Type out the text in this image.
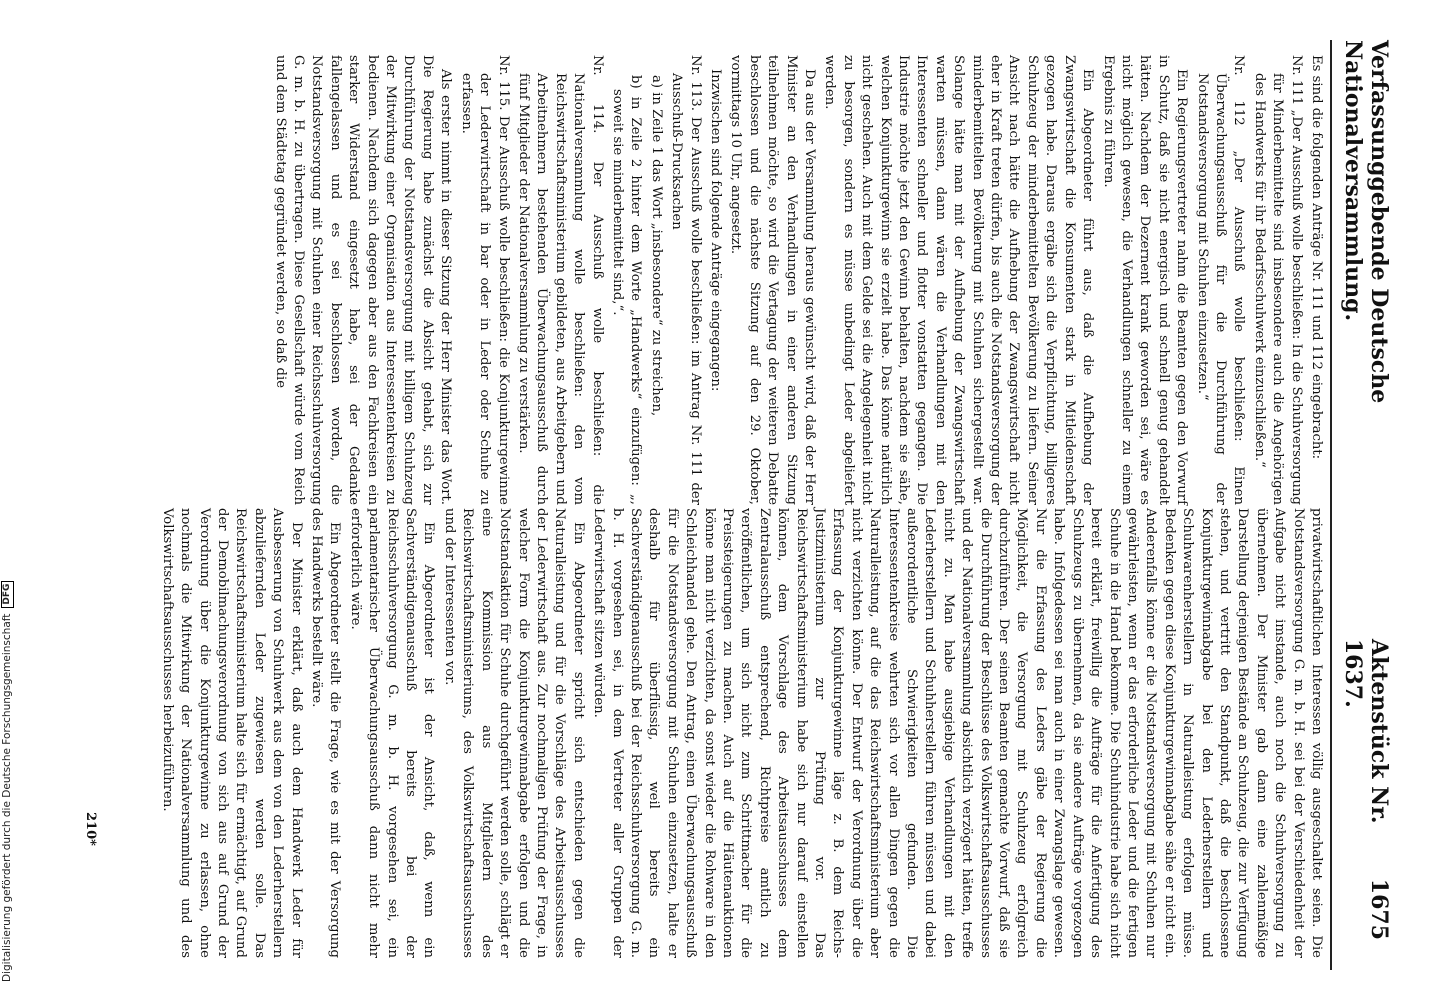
Verfassunggebende Deutsche Nationalversammlung.
Aktenstück Nr. 1637.
1675

Es sind die folgenden Anträge Nr. 111 und 112 eingebracht:

Nr. 111 „Der Ausschuß wolle beschließen: In die Schuhversorgung für Minderbemittelte sind insbesondere auch die Angehörigen des Handwerks für ihr Bedarfsschuhwerk einzuschließen.“

Nr. 112 „Der Ausschuß wolle beschließen: Einen Überwachungsausschuß für die Durchführung der Notstandsversorgung mit Schuhen einzusetzen.“

Ein Regierungsvertreter nahm die Beamten gegen den Vorwurf in Schutz, daß sie nicht energisch und schnell genug gehandelt hätten. Nachdem der Dezernent krank geworden sei, wäre es nicht möglich gewesen, die Verhandlungen schneller zu einem Ergebnis zu führen.

Ein Abgeordneter führt aus, daß die Aufhebung der Zwangswirtschaft die Konsumenten stark in Mitleidenschaft gezogen habe. Daraus ergäbe sich die Verpflichtung, billigeres Schuhzeug der minderbemittelten Bevölkerung zu liefern. Seiner Ansicht nach hätte die Aufhebung der Zwangswirtschaft nicht eher in Kraft treten dürfen, bis auch die Notstandsversorgung der minderbemittelten Bevölkerung mit Schuhen sichergestellt war. Solange hätte man mit der Aufhebung der Zwangswirtschaft warten müssen, dann wären die Verhandlungen mit den Interessenten schneller und flotter vonstatten gegangen. Die Industrie möchte jetzt den Gewinn behalten, nachdem sie sähe, welchen Konjunkturgewinn sie erzielt habe. Das könne natürlich nicht geschehen. Auch mit dem Gelde sei die Angelegenheit nicht zu besorgen, sondern es müsse unbedingt Leder abgeliefert werden.

Da aus der Versammlung heraus gewünscht wird, daß der Herr Minister an den Verhandlungen in einer anderen Sitzung teilnehmen möchte, so wird die Vertagung der weiteren Debatte beschlossen und die nächste Sitzung auf den 29. Oktober, vormittags 10 Uhr, angesetzt.

Inzwischen sind folgende Anträge eingegangen:

Nr. 113. Der Ausschuß wolle beschließen: im Antrag Nr. 111 der Ausschuß-Drucksachen

a) in Zeile 1 das Wort „insbesondere“ zu streichen,

b) in Zeile 2 hinter dem Worte „Handwerks“ einzufügen: „, soweit sie minderbemittelt sind,“.

Nr. 114. Der Ausschuß wolle beschließen: die Nationalversammlung wolle beschließen: den vom Reichswirtschaftsministerium gebildeten, aus Arbeitgebern und Arbeitnehmern bestehenden Überwachungsausschuß durch fünf Mitglieder der Nationalversammlung zu verstärken.

Nr. 115. Der Ausschuß wolle beschließen: die Konjunkturgewinne der Lederwirtschaft in bar oder in Leder oder Schuhe zu erfassen.

Als erster nimmt in dieser Sitzung der Herr Minister das Wort. Die Regierung habe zunächst die Absicht gehabt, sich zur Durchführung der Notstandsversorgung mit billigem Schuhzeug der Mitwirkung einer Organisation aus Interessentenkreisen zu bedienen. Nachdem sich dagegen aber aus den Fachkreisen ein starker Widerstand eingesetzt habe, sei der Gedanke fallengelassen und es sei beschlossen worden, die Notstandsversorgung mit Schuhen einer Reichsschuhversorgung G. m. b. H. zu übertragen. Diese Gesellschaft würde vom Reich und dem Städtetag gegründet werden, so daß die

privatwirtschaftlichen Interessen völlig ausgeschaltet seien. Die Notstandsversorgung G. m. b. H. sei bei der Verschiedenheit der Aufgabe nicht imstande, auch noch die Schuhversorgung zu übernehmen. Der Minister gab dann eine zahlenmäßige Darstellung derjenigen Bestände an Schuhzeug, die zur Verfügung stehen, und vertritt den Standpunkt, daß die beschlossene Konjunkturgewinnabgabe bei den Lederherstellern und Schuhwarenherstellern in Naturalleistung erfolgen müsse. Bedenken gegen diese Konjunkturgewinnabgabe sähe er nicht ein. Anderenfalls könne er die Notstandsversorgung mit Schuhen nur gewährleisten, wenn er das erforderliche Leder und die fertigen Schuhe in die Hand bekomme. Die Schuhindustrie habe sich nicht bereit erklärt, freiwillig die Aufträge für die Anfertigung des Schuhzeugs zu übernehmen, da sie andere Aufträge vorgezogen habe. Infolgedessen sei man auch in einer Zwangslage gewesen. Nur die Erfassung des Leders gäbe der Regierung die Möglichkeit, die Versorgung mit Schuhzeug erfolgreich durchzuführen. Der seinen Beamten gemachte Vorwurf, daß sie die Durchführung der Beschlüsse des Volkswirtschaftsausschusses und der Nationalversammlung absichtlich verzögert hätten, treffe nicht zu. Man habe ausgiebige Verhandlungen mit den Lederherstellern und Schuhherstellern führen müssen und dabei außerordentliche Schwierigkeiten gefunden. Die Interessentenkreise wehrten sich vor allen Dingen gegen die Naturalleistung, auf die das Reichswirtschaftsministerium aber nicht verzichten könne. Der Entwurf der Verordnung über die Erfassung der Konjunkturgewinne läge z. B. dem Reichs-Justizministerium zur Prüfung vor. Das Reichswirtschaftsministerium habe sich nur darauf einstellen können, dem Vorschlage des Arbeitsausschusses dem Zentralausschuß entsprechend, Richtpreise amtlich zu veröffentlichen, um sich nicht zum Schrittmacher für die Preissteigerungen zu machen. Auch auf die Häutenauktionen könne man nicht verzichten, da sonst wieder die Rohware in den Schleichhandel gehe. Den Antrag, einen Überwachungsausschuß für die Notstandsversorgung mit Schuhen einzusetzen, halte er deshalb für überflüssig, weil bereits ein Sachverständigenausschuß bei der Reichsschuhversorgung G. m. b. H. vorgesehen sei, in dem Vertreter aller Gruppen der Lederwirtschaft sitzen würden.

Ein Abgeordneter spricht sich entschieden gegen die Naturalleistung und für die Vorschläge des Arbeitsausschusses der Lederwirtschaft aus. Zur nochmaligen Prüfung der Frage, in welcher Form die Konjunkturgewinnabgabe erfolgen und die Notstandsaktion für Schuhe durchgeführt werden solle, schlägt er eine Kommission aus Mitgliedern des Reichswirtschaftsministeriums, des Volkswirtschaftsausschusses und der Interessenten vor.

Ein Abgeordneter ist der Ansicht, daß, wenn ein Sachverständigenausschuß bereits bei der Reichsschuhversorgung G. m. b. H. vorgesehen sei, ein parlamentarischer Überwachungsausschuß dann nicht mehr erforderlich wäre.

Ein Abgeordneter stellt die Frage, wie es mit der Versorgung des Handwerks bestellt wäre.

Der Minister erklärt, daß auch dem Handwerk Leder für Ausbesserung von Schuhwerk aus dem von den Lederherstellern abzuliefernden Leder zugewiesen werden solle. Das Reichswirtschaftsministerium halte sich für ermächtigt, auf Grund der Demobilmachungsverordnung von sich aus auf Grund der Verordnung über die Konjunkturgewinne zu erlassen, ohne nochmals die Mitwirkung der Nationalversammlung und des Volkswirtschaftsausschusses herbeizuführen.

210*
Digitalisierung gefördert durch die Deutsche Forschungsgemeinschaft
DFG
